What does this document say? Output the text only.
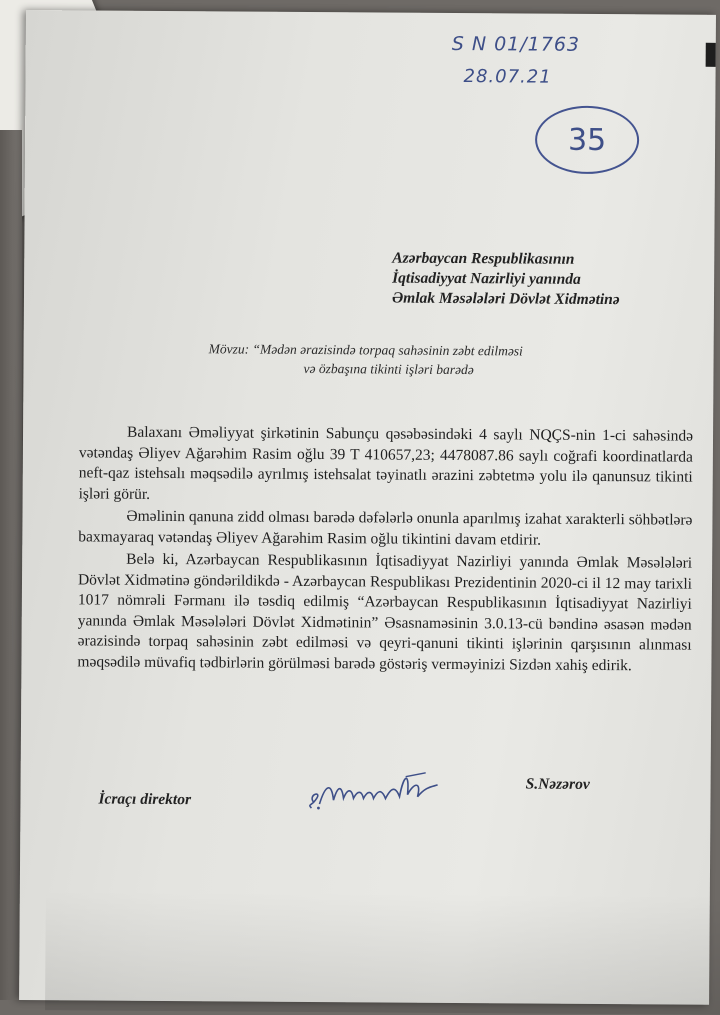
S N 01/1763
28.07.21
35
Azərbaycan Respublikasının
İqtisadiyyat Nazirliyi yanında
Əmlak Məsələləri Dövlət Xidmətinə
Mövzu: “Mədən ərazisində torpaq sahəsinin zəbt edilməsi
və özbaşına tikinti işləri barədə

Balaxanı Əməliyyat şirkətinin Sabunçu qəsəbəsindəki 4 saylı NQÇS-nin 1-ci sahəsində vətəndaş Əliyev Ağarəhim Rasim oğlu 39 T 410657,23; 4478087.86 saylı coğrafi koordinatlarda neft-qaz istehsalı məqsədilə ayrılmış istehsalat təyinatlı ərazini zəbtetmə yolu ilə qanunsuz tikinti işləri görür.

Əməlinin qanuna zidd olması barədə dəfələrlə onunla aparılmış izahat xarakterli söhbətlərə baxmayaraq vətəndaş Əliyev Ağarəhim Rasim oğlu tikintini davam etdirir.

Belə ki, Azərbaycan Respublikasının İqtisadiyyat Nazirliyi yanında Əmlak Məsələləri Dövlət Xidmətinə göndərildikdə - Azərbaycan Respublikası Prezidentinin 2020-ci il 12 may tarixli 1017 nömrəli Fərmanı ilə təsdiq edilmiş “Azərbaycan Respublikasının İqtisadiyyat Nazirliyi yanında Əmlak Məsələləri Dövlət Xidmətinin” Əsasnaməsinin 3.0.13-cü bəndinə əsasən mədən ərazisində torpaq sahəsinin zəbt edilməsi və qeyri-qanuni tikinti işlərinin qarşısının alınması məqsədilə müvafiq tədbirlərin görülməsi barədə göstəriş verməyinizi Sizdən xahiş edirik.

İcraçı direktor
S.Nəzərov
